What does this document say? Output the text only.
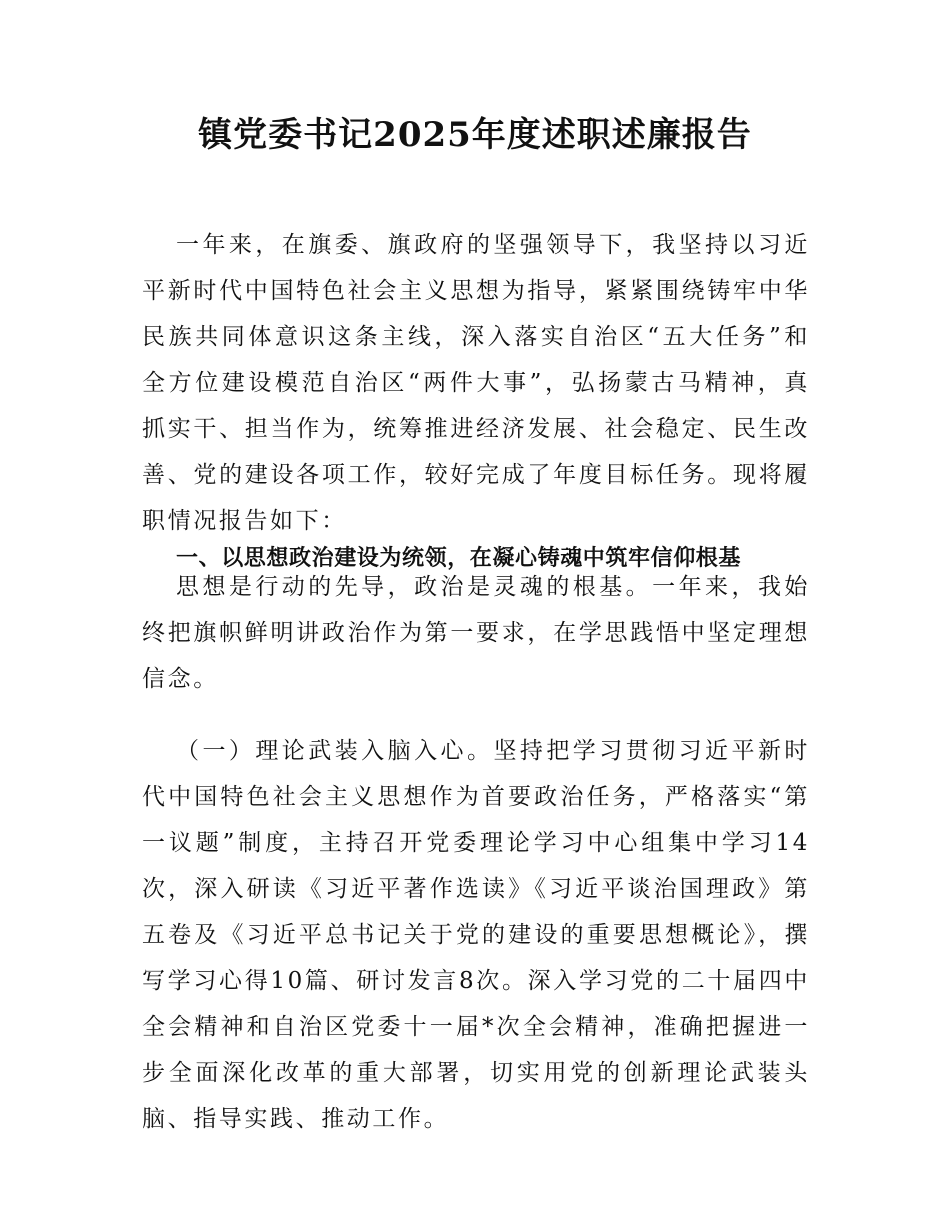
镇党委书记2025年度述职述廉报告

一年来，在旗委、旗政府的坚强领导下，我坚持以习近平新时代中国特色社会主义思想为指导，紧紧围绕铸牢中华民族共同体意识这条主线，深入落实自治区“五大任务”和全方位建设模范自治区“两件大事”，弘扬蒙古马精神，真抓实干、担当作为，统筹推进经济发展、社会稳定、民生改善、党的建设各项工作，较好完成了年度目标任务。现将履职情况报告如下：

一、以思想政治建设为统领，在凝心铸魂中筑牢信仰根基

思想是行动的先导，政治是灵魂的根基。一年来，我始终把旗帜鲜明讲政治作为第一要求，在学思践悟中坚定理想信念。

（一）理论武装入脑入心。坚持把学习贯彻习近平新时代中国特色社会主义思想作为首要政治任务，严格落实“第一议题”制度，主持召开党委理论学习中心组集中学习14次，深入研读《习近平著作选读》《习近平谈治国理政》第五卷及《习近平总书记关于党的建设的重要思想概论》，撰写学习心得10篇、研讨发言8次。深入学习党的二十届四中全会精神和自治区党委十一届*次全会精神，准确把握进一步全面深化改革的重大部署，切实用党的创新理论武装头脑、指导实践、推动工作。
